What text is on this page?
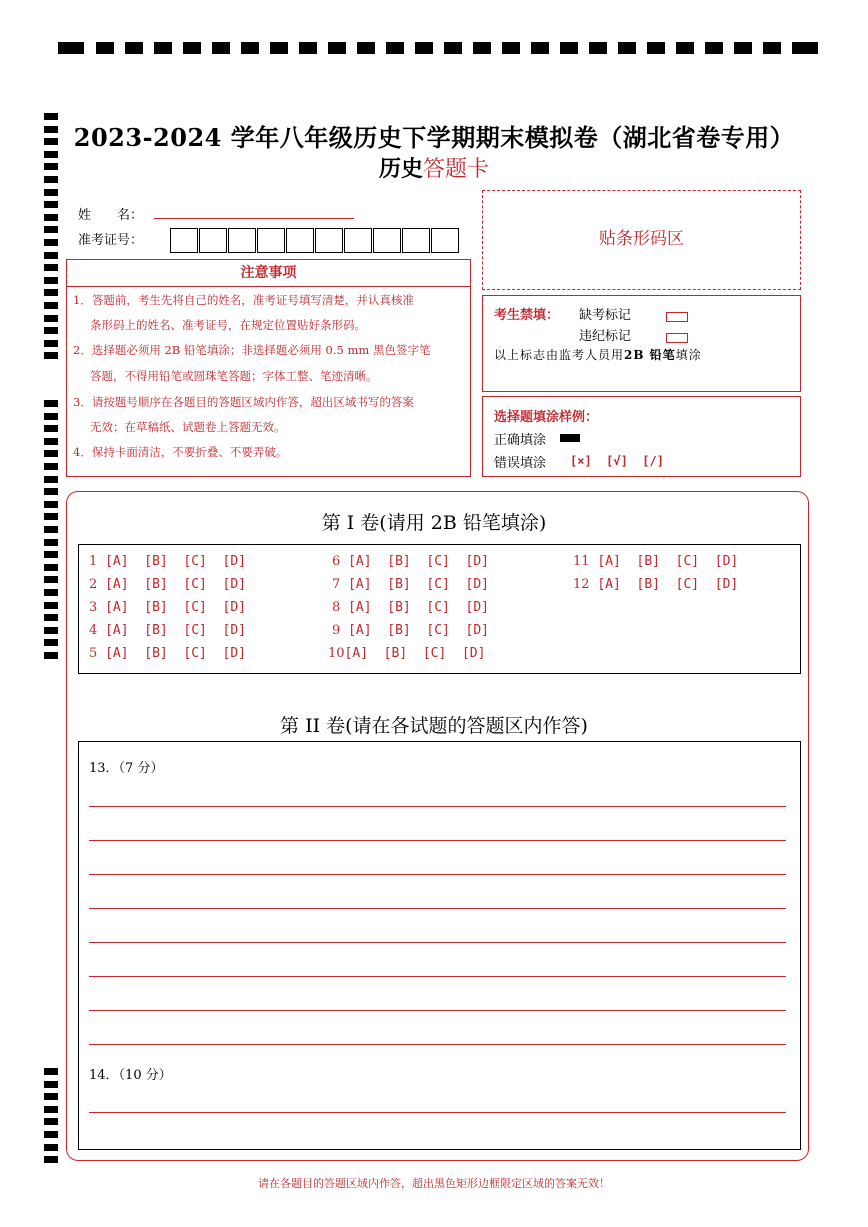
2023-2024 学年八年级历史下学期期末模拟卷（湖北省卷专用）
历史答题卡
姓　　名：
准考证号：
注意事项
1．答题前，考生先将自己的姓名，准考证号填写清楚，并认真核准
条形码上的姓名、准考证号，在规定位置贴好条形码。
2．选择题必须用 2B 铅笔填涂；非选择题必须用 0.5 mm 黑色签字笔
答题，不得用铅笔或圆珠笔答题；字体工整、笔迹清晰。
3．请按题号顺序在各题目的答题区域内作答，超出区域书写的答案
无效；在草稿纸、试题卷上答题无效。
4．保持卡面清洁，不要折叠、不要弄破。
贴条形码区
考生禁填： 缺考标记
违纪标记
以上标志由监考人员用2B 铅笔填涂
选择题填涂样例：
正确填涂
错误填涂 [×]  [√]  [/]
第 I 卷(请用 2B 铅笔填涂)
1 [A]  [B]  [C]  [D]
2 [A]  [B]  [C]  [D]
3 [A]  [B]  [C]  [D]
4 [A]  [B]  [C]  [D]
5 [A]  [B]  [C]  [D]
6 [A]  [B]  [C]  [D]
7 [A]  [B]  [C]  [D]
8 [A]  [B]  [C]  [D]
9 [A]  [B]  [C]  [D]
10[A]  [B]  [C]  [D]
11 [A]  [B]  [C]  [D]
12 [A]  [B]  [C]  [D]
第 II 卷(请在各试题的答题区内作答)
13．（7 分）
14．（10 分）
请在各题目的答题区域内作答，超出黑色矩形边框限定区域的答案无效！
